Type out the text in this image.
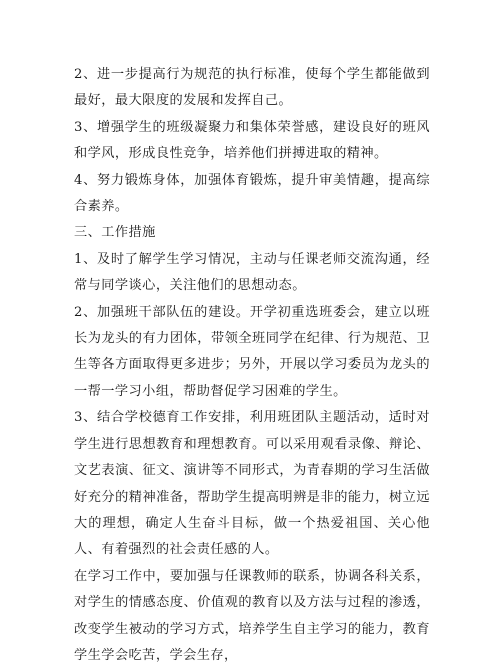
2、进一步提高行为规范的执行标准，使每个学生都能做到最好，最大限度的发展和发挥自己。

3、增强学生的班级凝聚力和集体荣誉感，建设良好的班风和学风，形成良性竞争，培养他们拼搏进取的精神。

4、努力锻炼身体，加强体育锻炼，提升审美情趣，提高综合素养。

三、工作措施

1、及时了解学生学习情况，主动与任课老师交流沟通，经常与同学谈心，关注他们的思想动态。

2、加强班干部队伍的建设。开学初重选班委会，建立以班长为龙头的有力团体，带领全班同学在纪律、行为规范、卫生等各方面取得更多进步；另外，开展以学习委员为龙头的一帮一学习小组，帮助督促学习困难的学生。

3、结合学校德育工作安排，利用班团队主题活动，适时对学生进行思想教育和理想教育。可以采用观看录像、辩论、文艺表演、征文、演讲等不同形式，为青春期的学习生活做好充分的精神准备，帮助学生提高明辨是非的能力，树立远大的理想，确定人生奋斗目标，做一个热爱祖国、关心他人、有着强烈的社会责任感的人。

在学习工作中，要加强与任课教师的联系，协调各科关系，对学生的情感态度、价值观的教育以及方法与过程的渗透，改变学生被动的学习方式，培养学生自主学习的能力，教育学生学会吃苦，学会生存，
